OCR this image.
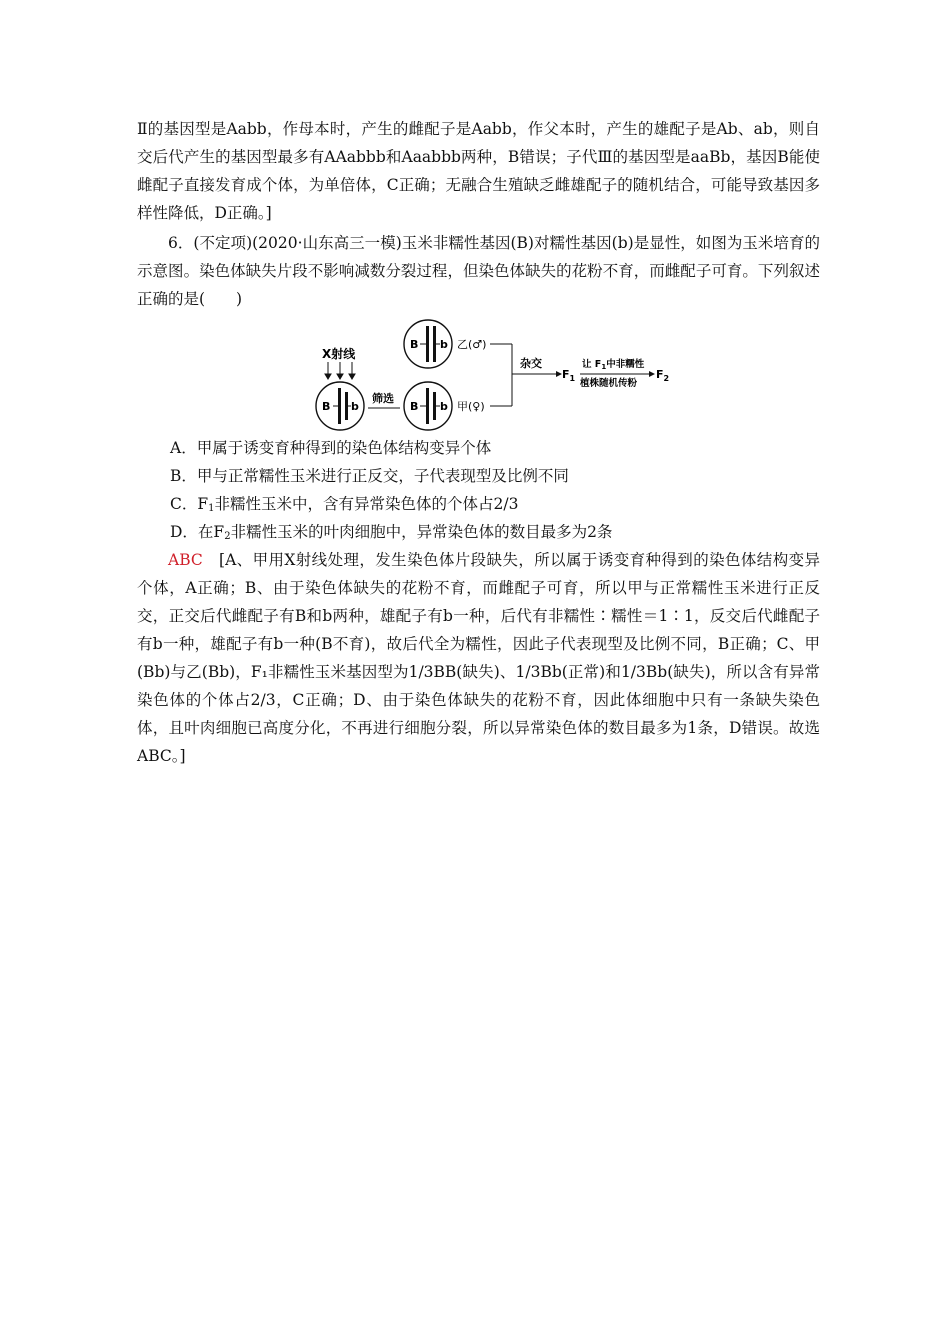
Ⅱ的基因型是Aabb，作母本时，产生的雌配子是Aabb，作父本时，产生的雄配子是Ab、ab，则自交后代产生的基因型最多有AAabbb和Aaabbb两种，B错误；子代Ⅲ的基因型是aaBb，基因B能使雌配子直接发育成个体，为单倍体，C正确；无融合生殖缺乏雌雄配子的随机结合，可能导致基因多样性降低，D正确。]
6．(不定项)(2020·山东高三一模)玉米非糯性基因(B)对糯性基因(b)是显性，如图为玉米培育的示意图。染色体缺失片段不影响减数分裂过程，但染色体缺失的花粉不育，而雌配子可育。下列叙述正确的是(　　)
X射线
B b
筛选
B b 乙(♂)
B b 甲(♀)
杂交
$F_1$
让 $F_1$中非糯性
植株随机传粉
$F_2$
A．甲属于诱变育种得到的染色体结构变异个体
B．甲与正常糯性玉米进行正反交，子代表现型及比例不同
C．$F_1$非糯性玉米中，含有异常染色体的个体占2/3
D．在$F_2$非糯性玉米的叶肉细胞中，异常染色体的数目最多为2条
ABC　 [A、甲用X射线处理，发生染色体片段缺失，所以属于诱变育种得到的染色体结构变异个体，A正确；B、由于染色体缺失的花粉不育，而雌配子可育，所以甲与正常糯性玉米进行正反交，正交后代雌配子有B和b两种，雄配子有b一种，后代有非糯性∶糯性＝1∶1，反交后代雌配子有b一种，雄配子有b一种(B不育)，故后代全为糯性，因此子代表现型及比例不同，B正确；C、甲(Bb)与乙(Bb)，F₁非糯性玉米基因型为1/3BB(缺失)、1/3Bb(正常)和1/3Bb(缺失)，所以含有异常染色体的个体占2/3，C正确；D、由于染色体缺失的花粉不育，因此体细胞中只有一条缺失染色体，且叶肉细胞已高度分化，不再进行细胞分裂，所以异常染色体的数目最多为1条，D错误。故选ABC。]
